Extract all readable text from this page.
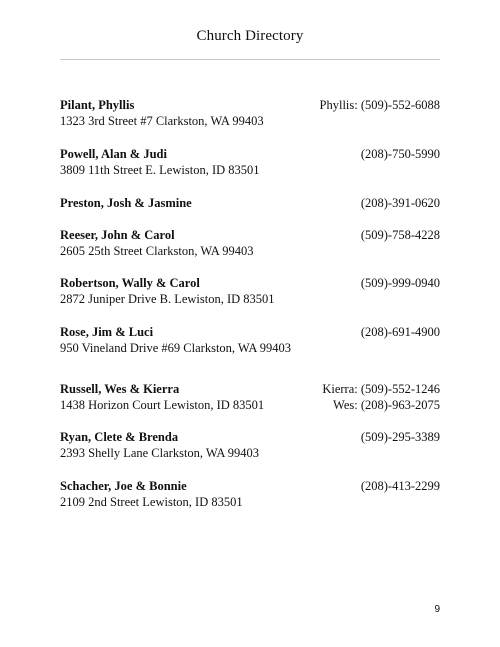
Church Directory
Pilant, Phyllis	Phyllis: (509)-552-6088
1323 3rd Street #7 Clarkston, WA 99403
Powell, Alan & Judi	(208)-750-5990
3809 11th Street E. Lewiston, ID 83501
Preston, Josh & Jasmine	(208)-391-0620
Reeser, John & Carol	(509)-758-4228
2605 25th Street Clarkston, WA 99403
Robertson, Wally & Carol	(509)-999-0940
2872 Juniper Drive B. Lewiston, ID 83501
Rose, Jim & Luci	(208)-691-4900
950 Vineland Drive #69 Clarkston, WA 99403
Russell, Wes & Kierra	Kierra: (509)-552-1246
1438 Horizon Court Lewiston, ID 83501	Wes: (208)-963-2075
Ryan, Clete & Brenda	(509)-295-3389
2393 Shelly Lane Clarkston, WA 99403
Schacher, Joe & Bonnie	(208)-413-2299
2109 2nd Street Lewiston, ID 83501
9
